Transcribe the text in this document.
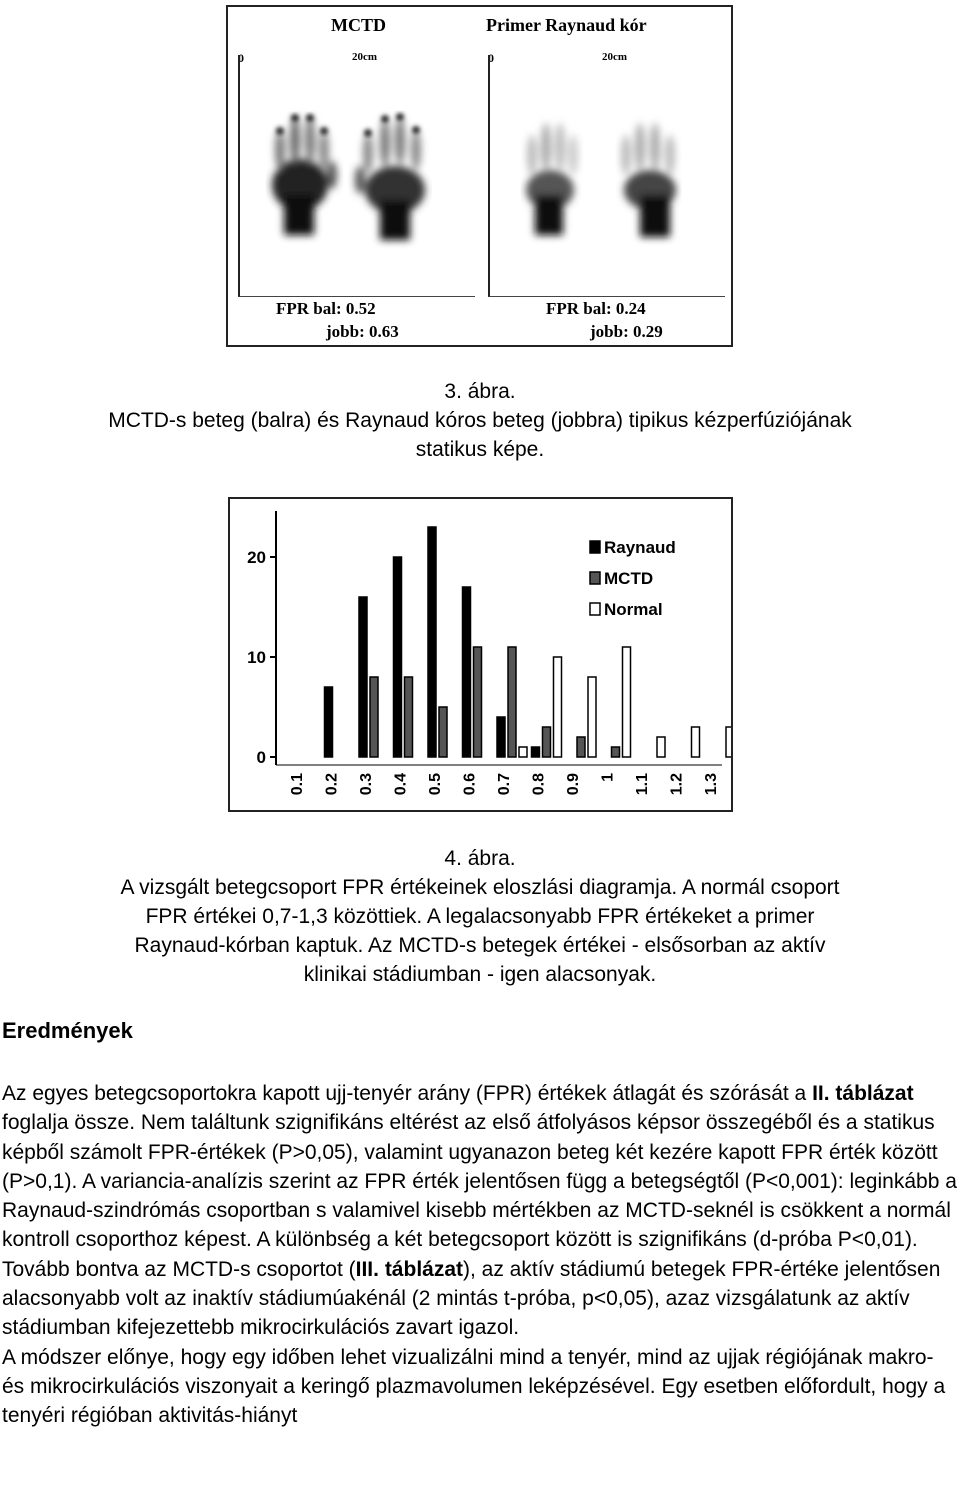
MCTD	Primer Raynaud kór
0	20cm	0	20cm
FPR bal: 0.52
jobb: 0.63
FPR bal: 0.24
jobb: 0.29
3. ábra.
MCTD-s beteg (balra) és Raynaud kóros beteg (jobbra) tipikus kézperfúziójának
statikus képe.
0
10
20
0.1 0.2 0.3 0.4 0.5 0.6 0.7 0.8 0.9 1 1.1 1.2 1.3
Raynaud
MCTD
Normal
4. ábra.
A vizsgált betegcsoport FPR értékeinek eloszlási diagramja. A normál csoport
FPR értékei 0,7-1,3 közöttiek. A legalacsonyabb FPR értékeket a primer
Raynaud-kórban kaptuk. Az MCTD-s betegek értékei - elsősorban az aktív
klinikai stádiumban - igen alacsonyak.
Eredmények

Az egyes betegcsoportokra kapott ujj-tenyér arány (FPR) értékek átlagát és szórását a II. táblázat foglalja össze. Nem találtunk szignifikáns eltérést az első átfolyásos képsor összegéből és a statikus képből számolt FPR-értékek (P>0,05), valamint ugyanazon beteg két kezére kapott FPR érték között (P>0,1). A variancia-analízis szerint az FPR érték jelentősen függ a betegségtől (P<0,001): leginkább a Raynaud-szindrómás csoportban s valamivel kisebb mértékben az MCTD-seknél is csökkent a normál kontroll csoporthoz képest. A különbség a két betegcsoport között is szignifikáns (d-próba P<0,01). Tovább bontva az MCTD-s csoportot (III. táblázat), az aktív stádiumú betegek FPR-értéke jelentősen alacsonyabb volt az inaktív stádiumúakénál (2 mintás t-próba, p<0,05), azaz vizsgálatunk az aktív stádiumban kifejezettebb mikrocirkulációs zavart igazol.

A módszer előnye, hogy egy időben lehet vizualizálni mind a tenyér, mind az ujjak régiójának makro- és mikrocirkulációs viszonyait a keringő plazmavolumen leképzésével. Egy esetben előfordult, hogy a tenyéri régióban aktivitás-hiányt
